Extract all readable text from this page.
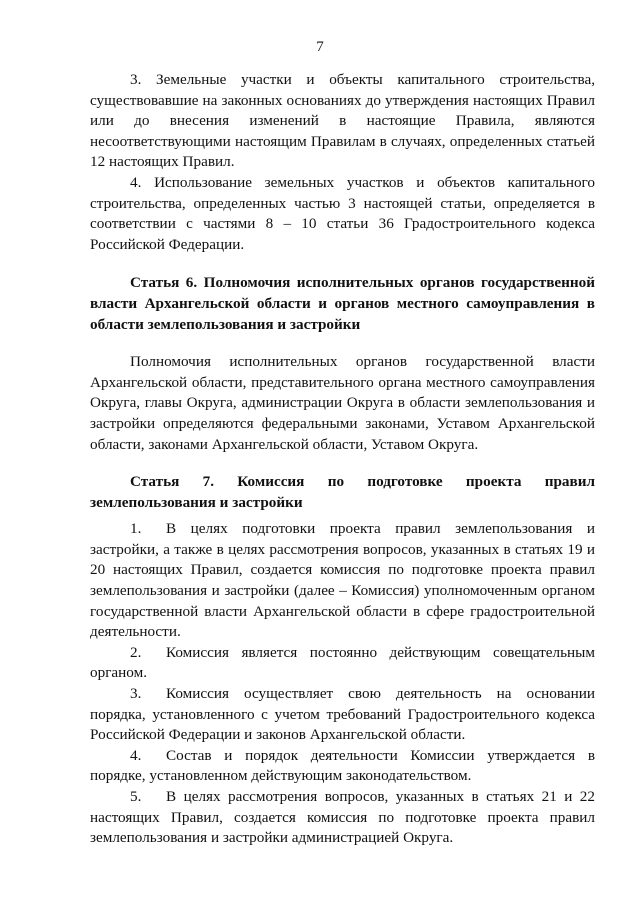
7

3. Земельные участки и объекты капитального строительства, существовавшие на законных основаниях до утверждения настоящих Правил или до внесения изменений в настоящие Правила, являются несоответствующими настоящим Правилам в случаях, определенных статьей 12 настоящих Правил.

4. Использование земельных участков и объектов капитального строительства, определенных частью 3 настоящей статьи, определяется в соответствии с частями 8 – 10 статьи 36 Градостроительного кодекса Российской Федерации.

Статья 6. Полномочия исполнительных органов государственной власти Архангельской области и органов местного самоуправления в области землепользования и застройки

Полномочия исполнительных органов государственной власти Архангельской области, представительного органа местного самоуправления Округа, главы Округа, администрации Округа в области землепользования и застройки определяются федеральными законами, Уставом Архангельской области, законами Архангельской области, Уставом Округа.

Статья 7. Комиссия по подготовке проекта правил землепользования и застройки

1. В целях подготовки проекта правил землепользования и застройки, а также в целях рассмотрения вопросов, указанных в статьях 19 и 20 настоящих Правил, создается комиссия по подготовке проекта правил землепользования и застройки (далее – Комиссия) уполномоченным органом государственной власти Архангельской области в сфере градостроительной деятельности.

2. Комиссия является постоянно действующим совещательным органом.

3. Комиссия осуществляет свою деятельность на основании порядка, установленного с учетом требований Градостроительного кодекса Российской Федерации и законов Архангельской области.

4. Состав и порядок деятельности Комиссии утверждается в порядке, установленном действующим законодательством.

5. В целях рассмотрения вопросов, указанных в статьях 21 и 22 настоящих Правил, создается комиссия по подготовке проекта правил землепользования и застройки администрацией Округа.
